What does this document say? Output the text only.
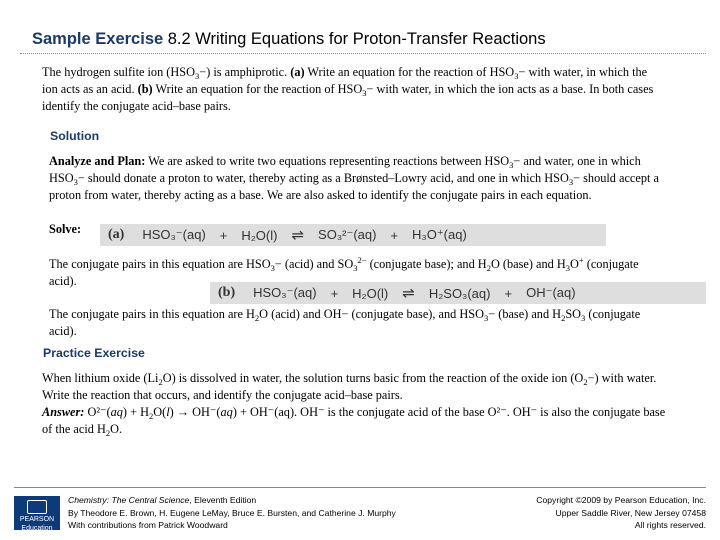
Sample Exercise 8.2 Writing Equations for Proton-Transfer Reactions

The hydrogen sulfite ion $(HSO_3-)$ is amphiprotic. (a) Write an equation for the reaction of $HSO_3-$ with water, in which the ion acts as an acid. (b) Write an equation for the reaction of $HSO_3-$ with water, in which the ion acts as a base. In both cases identify the conjugate acid–base pairs.

Solution

Analyze and Plan: We are asked to write two equations representing reactions between $HSO_3-$ and water, one in which $HSO_3-$ should donate a proton to water, thereby acting as a Brønsted–Lowry acid, and one in which $HSO_3-$ should accept a proton from water, thereby acting as a base. We are also asked to identify the conjugate pairs in each equation.

Solve: (a) HSO₃⁻(aq) + H₂O(l) ⇌ SO₃²⁻(aq) + H₃O⁺(aq)

The conjugate pairs in this equation are $HSO_3-$ (acid) and $SO_3^{2-}$ (conjugate base); and $H_2O$ (base) and $H_3O^+$ (conjugate acid).

(b) HSO₃⁻(aq) + H₂O(l) ⇌ H₂SO₃(aq) + OH⁻(aq)

The conjugate pairs in this equation are $H_2O$ (acid) and OH− (conjugate base), and $HSO_3-$ (base) and $H_2SO_3$ (conjugate acid).

Practice Exercise

When lithium oxide $(Li_2O)$ is dissolved in water, the solution turns basic from the reaction of the oxide ion $(O_2-)$ with water. Write the reaction that occurs, and identify the conjugate acid–base pairs.
Answer: $O^{2-}(aq) + H_2O(l) \to OH^-(aq) + OH^-(aq)$. OH⁻ is the conjugate acid of the base O²⁻. OH⁻ is also the conjugate base of the acid $H_2O$.

PEARSON
Education
Chemistry: The Central Science, Eleventh Edition
By Theodore E. Brown, H. Eugene LeMay, Bruce E. Bursten, and Catherine J. Murphy
With contributions from Patrick Woodward
Copyright ©2009 by Pearson Education, Inc.
Upper Saddle River, New Jersey 07458
All rights reserved.
